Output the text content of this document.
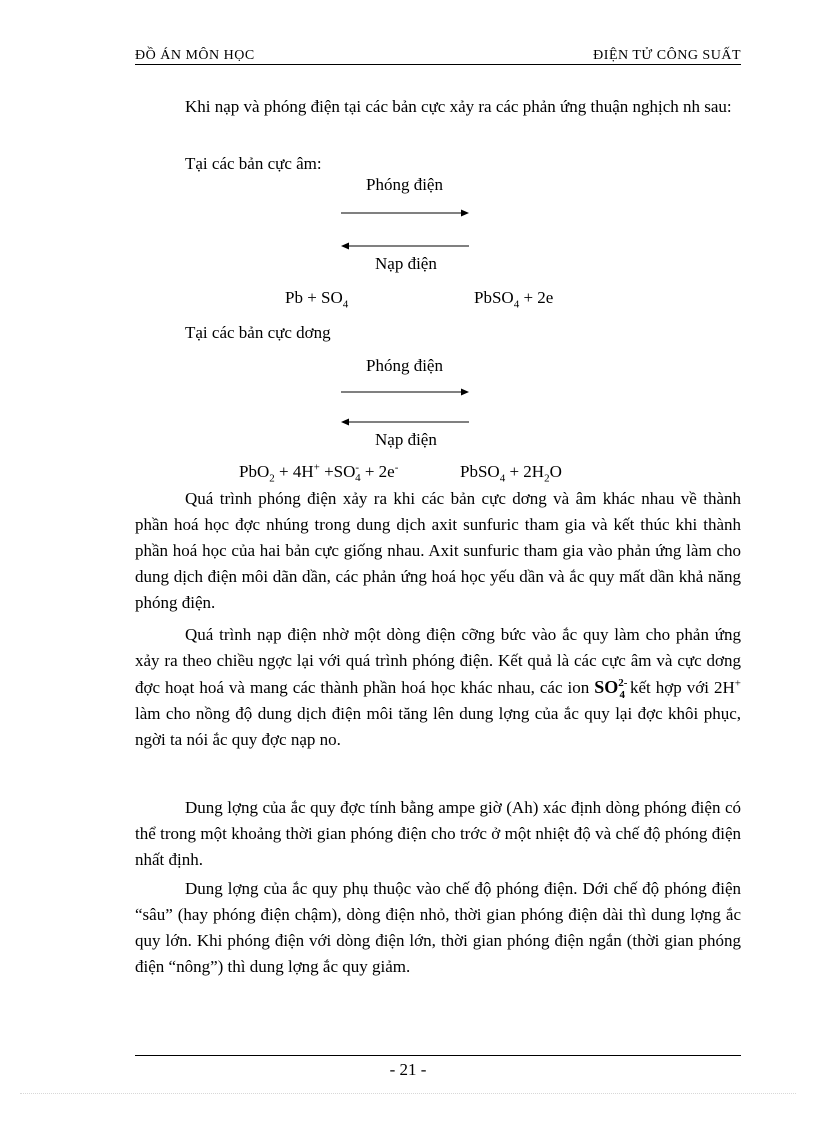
ĐỒ ÁN MÔN HỌC	ĐIỆN TỬ CÔNG SUẤT

Khi nạp và phóng điện tại các bản cực xảy ra các phản ứng thuận nghịch nh sau:

Tại các bản cực âm:
Phóng điện
Nạp điện
$Pb + SO_4$	PbSO$_4$ + 2e
Tại các bản cực dơng
Phóng điện
Nạp điện
$PbO_2 + 4H^+ +SO^-_4 + 2e^-$	PbSO$_4$ + $2H_2O$

Quá trình phóng điện xảy ra khi các bản cực dơng và âm khác nhau về thành phần hoá học đợc nhúng trong dung dịch axit sunfuric tham gia và kết thúc khi thành phần hoá học của hai bản cực giống nhau. Axit sunfuric tham gia vào phản ứng làm cho dung dịch điện môi dãn dần, các phản ứng hoá học yếu dần và ắc quy mất dần khả năng phóng điện.

Quá trình nạp điện nhờ một dòng điện cỡng bức vào ắc quy làm cho phản ứng xảy ra theo chiều ngợc lại với quá trình phóng điện. Kết quả là các cực âm và cực dơng đợc hoạt hoá và mang các thành phần hoá học khác nhau, các ion $SO^{2-}_4$ kết hợp với 2H+ làm cho nồng độ dung dịch điện môi tăng lên dung lợng của ắc quy lại đợc khôi phục, ngời ta nói ắc quy đợc nạp no.

Dung lợng của ắc quy đợc tính bằng ampe giờ (Ah) xác định dòng phóng điện có thể trong một khoảng thời gian phóng điện cho trớc ở một nhiệt độ và chế độ phóng điện nhất định.

Dung lợng của ắc quy phụ thuộc vào chế độ phóng điện. Dới chế độ phóng điện “sâu” (hay phóng điện chậm), dòng điện nhỏ, thời gian phóng điện dài thì dung lợng ắc quy lớn. Khi phóng điện với dòng điện lớn, thời gian phóng điện ngắn (thời gian phóng điện “nông”) thì dung lợng ắc quy giảm.

- 21 -
